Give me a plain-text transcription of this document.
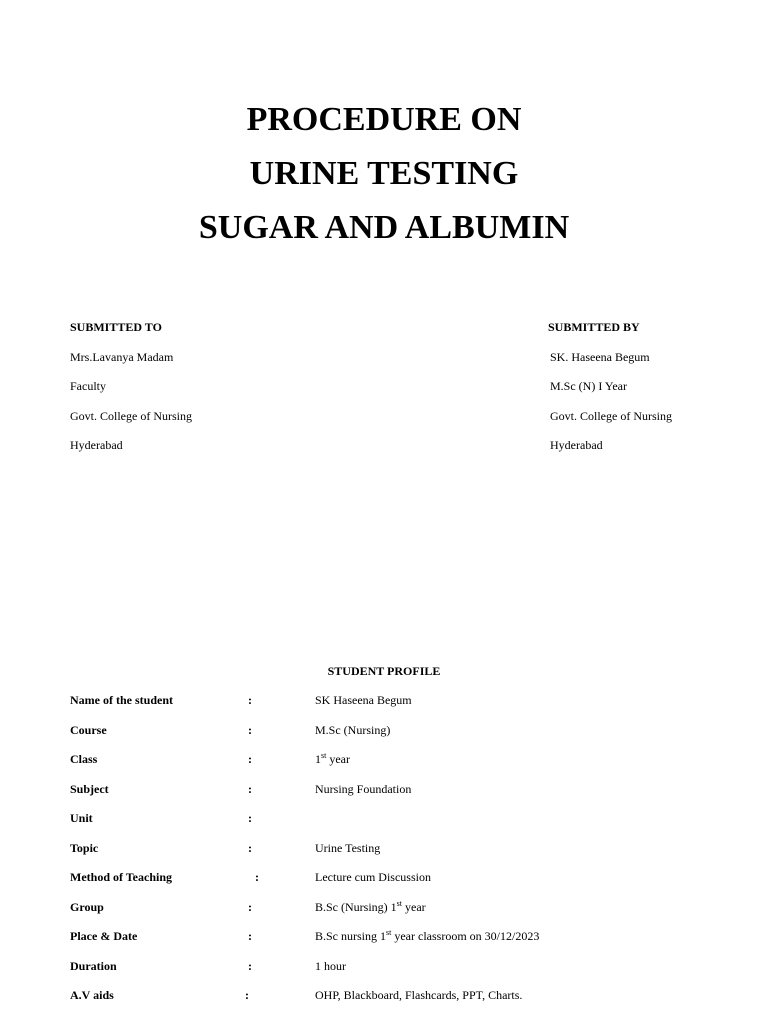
PROCEDURE ON
URINE TESTING
SUGAR AND ALBUMIN
SUBMITTED TO
Mrs.Lavanya Madam
Faculty
Govt. College of Nursing
Hyderabad
SUBMITTED BY
SK. Haseena Begum
M.Sc (N) I Year
Govt. College of Nursing
Hyderabad
STUDENT PROFILE
Name of the student	:	SK Haseena Begum
Course	:	M.Sc (Nursing)
Class	:	1st year
Subject	:	Nursing Foundation
Unit	:
Topic	:	Urine Testing
Method of Teaching	:	Lecture cum Discussion
Group	:	B.Sc (Nursing) 1st year
Place & Date	:	B.Sc nursing 1st year classroom on 30/12/2023
Duration	:	1 hour
A.V aids	:	OHP, Blackboard, Flashcards, PPT, Charts.
